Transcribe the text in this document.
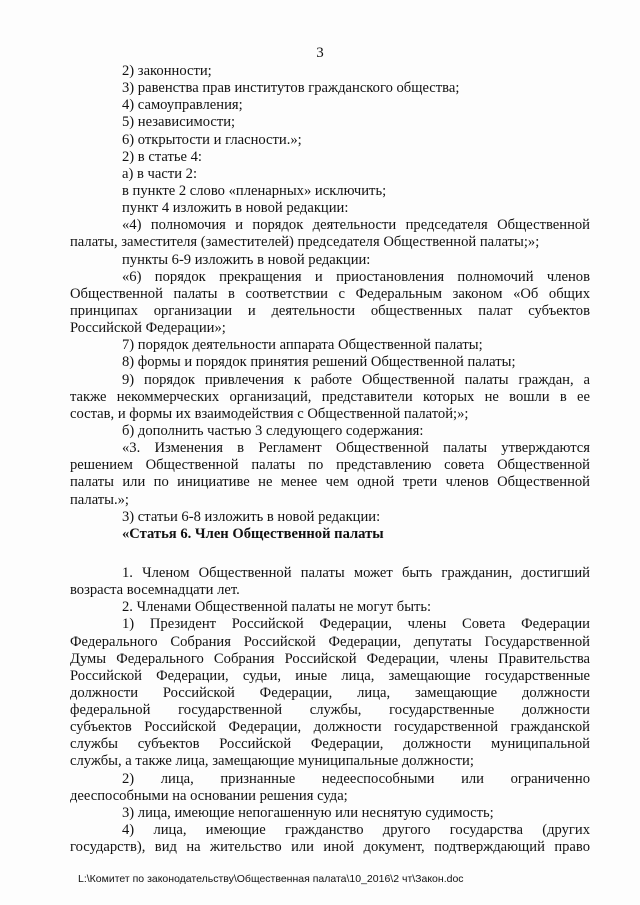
3
2) законности;
3) равенства прав институтов гражданского общества;
4) самоуправления;
5) независимости;
6) открытости и гласности.»;
2) в статье 4:
а) в части 2:
в пункте 2 слово «пленарных» исключить;
пункт 4 изложить в новой редакции:
«4) полномочия и порядок деятельности председателя Общественной
палаты, заместителя (заместителей) председателя Общественной палаты;»;
пункты 6-9 изложить в новой редакции:
«6) порядок прекращения и приостановления полномочий членов
Общественной палаты в соответствии с Федеральным законом «Об общих
принципах организации и деятельности общественных палат субъектов
Российской Федерации»;
7) порядок деятельности аппарата Общественной палаты;
8) формы и порядок принятия решений Общественной палаты;
9) порядок привлечения к работе Общественной палаты граждан, а
также некоммерческих организаций, представители которых не вошли в ее
состав, и формы их взаимодействия с Общественной палатой;»;
б) дополнить частью 3 следующего содержания:
«3. Изменения в Регламент Общественной палаты утверждаются
решением Общественной палаты по представлению совета Общественной
палаты или по инициативе не менее чем одной трети членов Общественной
палаты.»;
3) статьи 6-8 изложить в новой редакции:
«Статья 6. Член Общественной палаты
1. Членом Общественной палаты может быть гражданин, достигший
возраста восемнадцати лет.
2. Членами Общественной палаты не могут быть:
1) Президент Российской Федерации, члены Совета Федерации
Федерального Собрания Российской Федерации, депутаты Государственной
Думы Федерального Собрания Российской Федерации, члены Правительства
Российской Федерации, судьи, иные лица, замещающие государственные
должности Российской Федерации, лица, замещающие должности
федеральной государственной службы, государственные должности
субъектов Российской Федерации, должности государственной гражданской
службы субъектов Российской Федерации, должности муниципальной
службы, а также лица, замещающие муниципальные должности;
2) лица, признанные недееспособными или ограниченно
дееспособными на основании решения суда;
3) лица, имеющие непогашенную или неснятую судимость;
4) лица, имеющие гражданство другого государства (других
государств), вид на жительство или иной документ, подтверждающий право
L:\Комитет по законодательству\Общественная палата\10_2016\2 чт\Закон.doc
